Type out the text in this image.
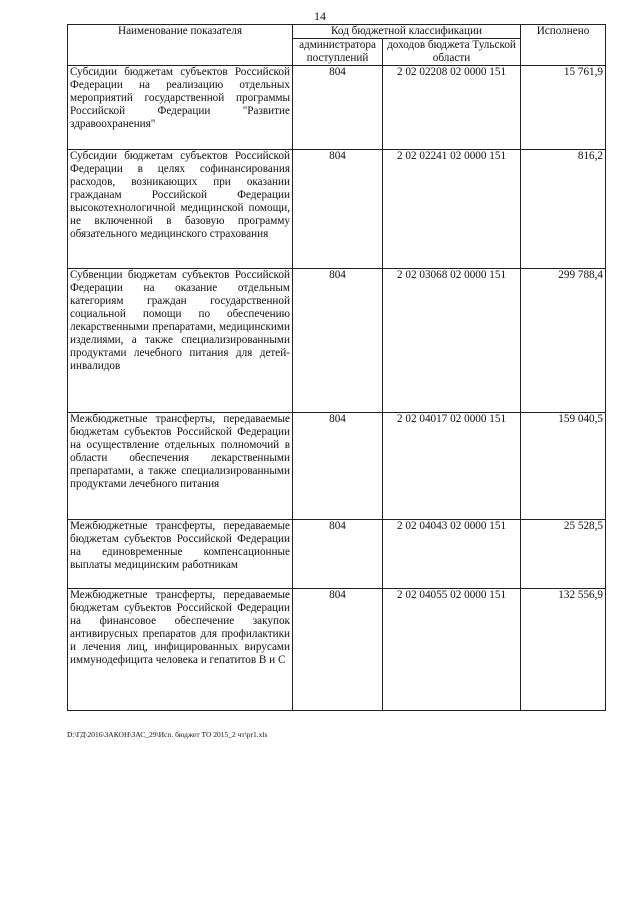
14
Наименование показателя	Код бюджетной классификации		Исполнено
	администратора поступлений	доходов бюджета Тульской области	
Субсидии бюджетам субъектов Российской Федерации на реализацию отдельных мероприятий государственной программы Российской Федерации "Развитие здравоохранения"	804	2 02 02208 02 0000 151	15 761,9
Субсидии бюджетам субъектов Российской Федерации в целях софинансирования расходов, возникающих при оказании гражданам Российской Федерации высокотехнологичной медицинской помощи, не включенной в базовую программу обязательного медицинского страхования	804	2 02 02241 02 0000 151	816,2
Субвенции бюджетам субъектов Российской Федерации на оказание отдельным категориям граждан государственной социальной помощи по обеспечению лекарственными препаратами, медицинскими изделиями, а также специализированными продуктами лечебного питания для детей-инвалидов	804	2 02 03068 02 0000 151	299 788,4
Межбюджетные трансферты, передаваемые бюджетам субъектов Российской Федерации на осуществление отдельных полномочий в области обеспечения лекарственными препаратами, а также специализированными продуктами лечебного питания	804	2 02 04017 02 0000 151	159 040,5
Межбюджетные трансферты, передаваемые бюджетам субъектов Российской Федерации на единовременные компенсационные выплаты медицинским работникам	804	2 02 04043 02 0000 151	25 528,5
Межбюджетные трансферты, передаваемые бюджетам субъектов Российской Федерации на финансовое обеспечение закупок антивирусных препаратов для профилактики и лечения лиц, инфицированных вирусами иммунодефицита человека и гепатитов В и С	804	2 02 04055 02 0000 151	132 556,9
D:\ГД\2016\ЗАКОН\ЗАС_29\Исп. бюджет ТО 2015_2 чт\рr1.xls
